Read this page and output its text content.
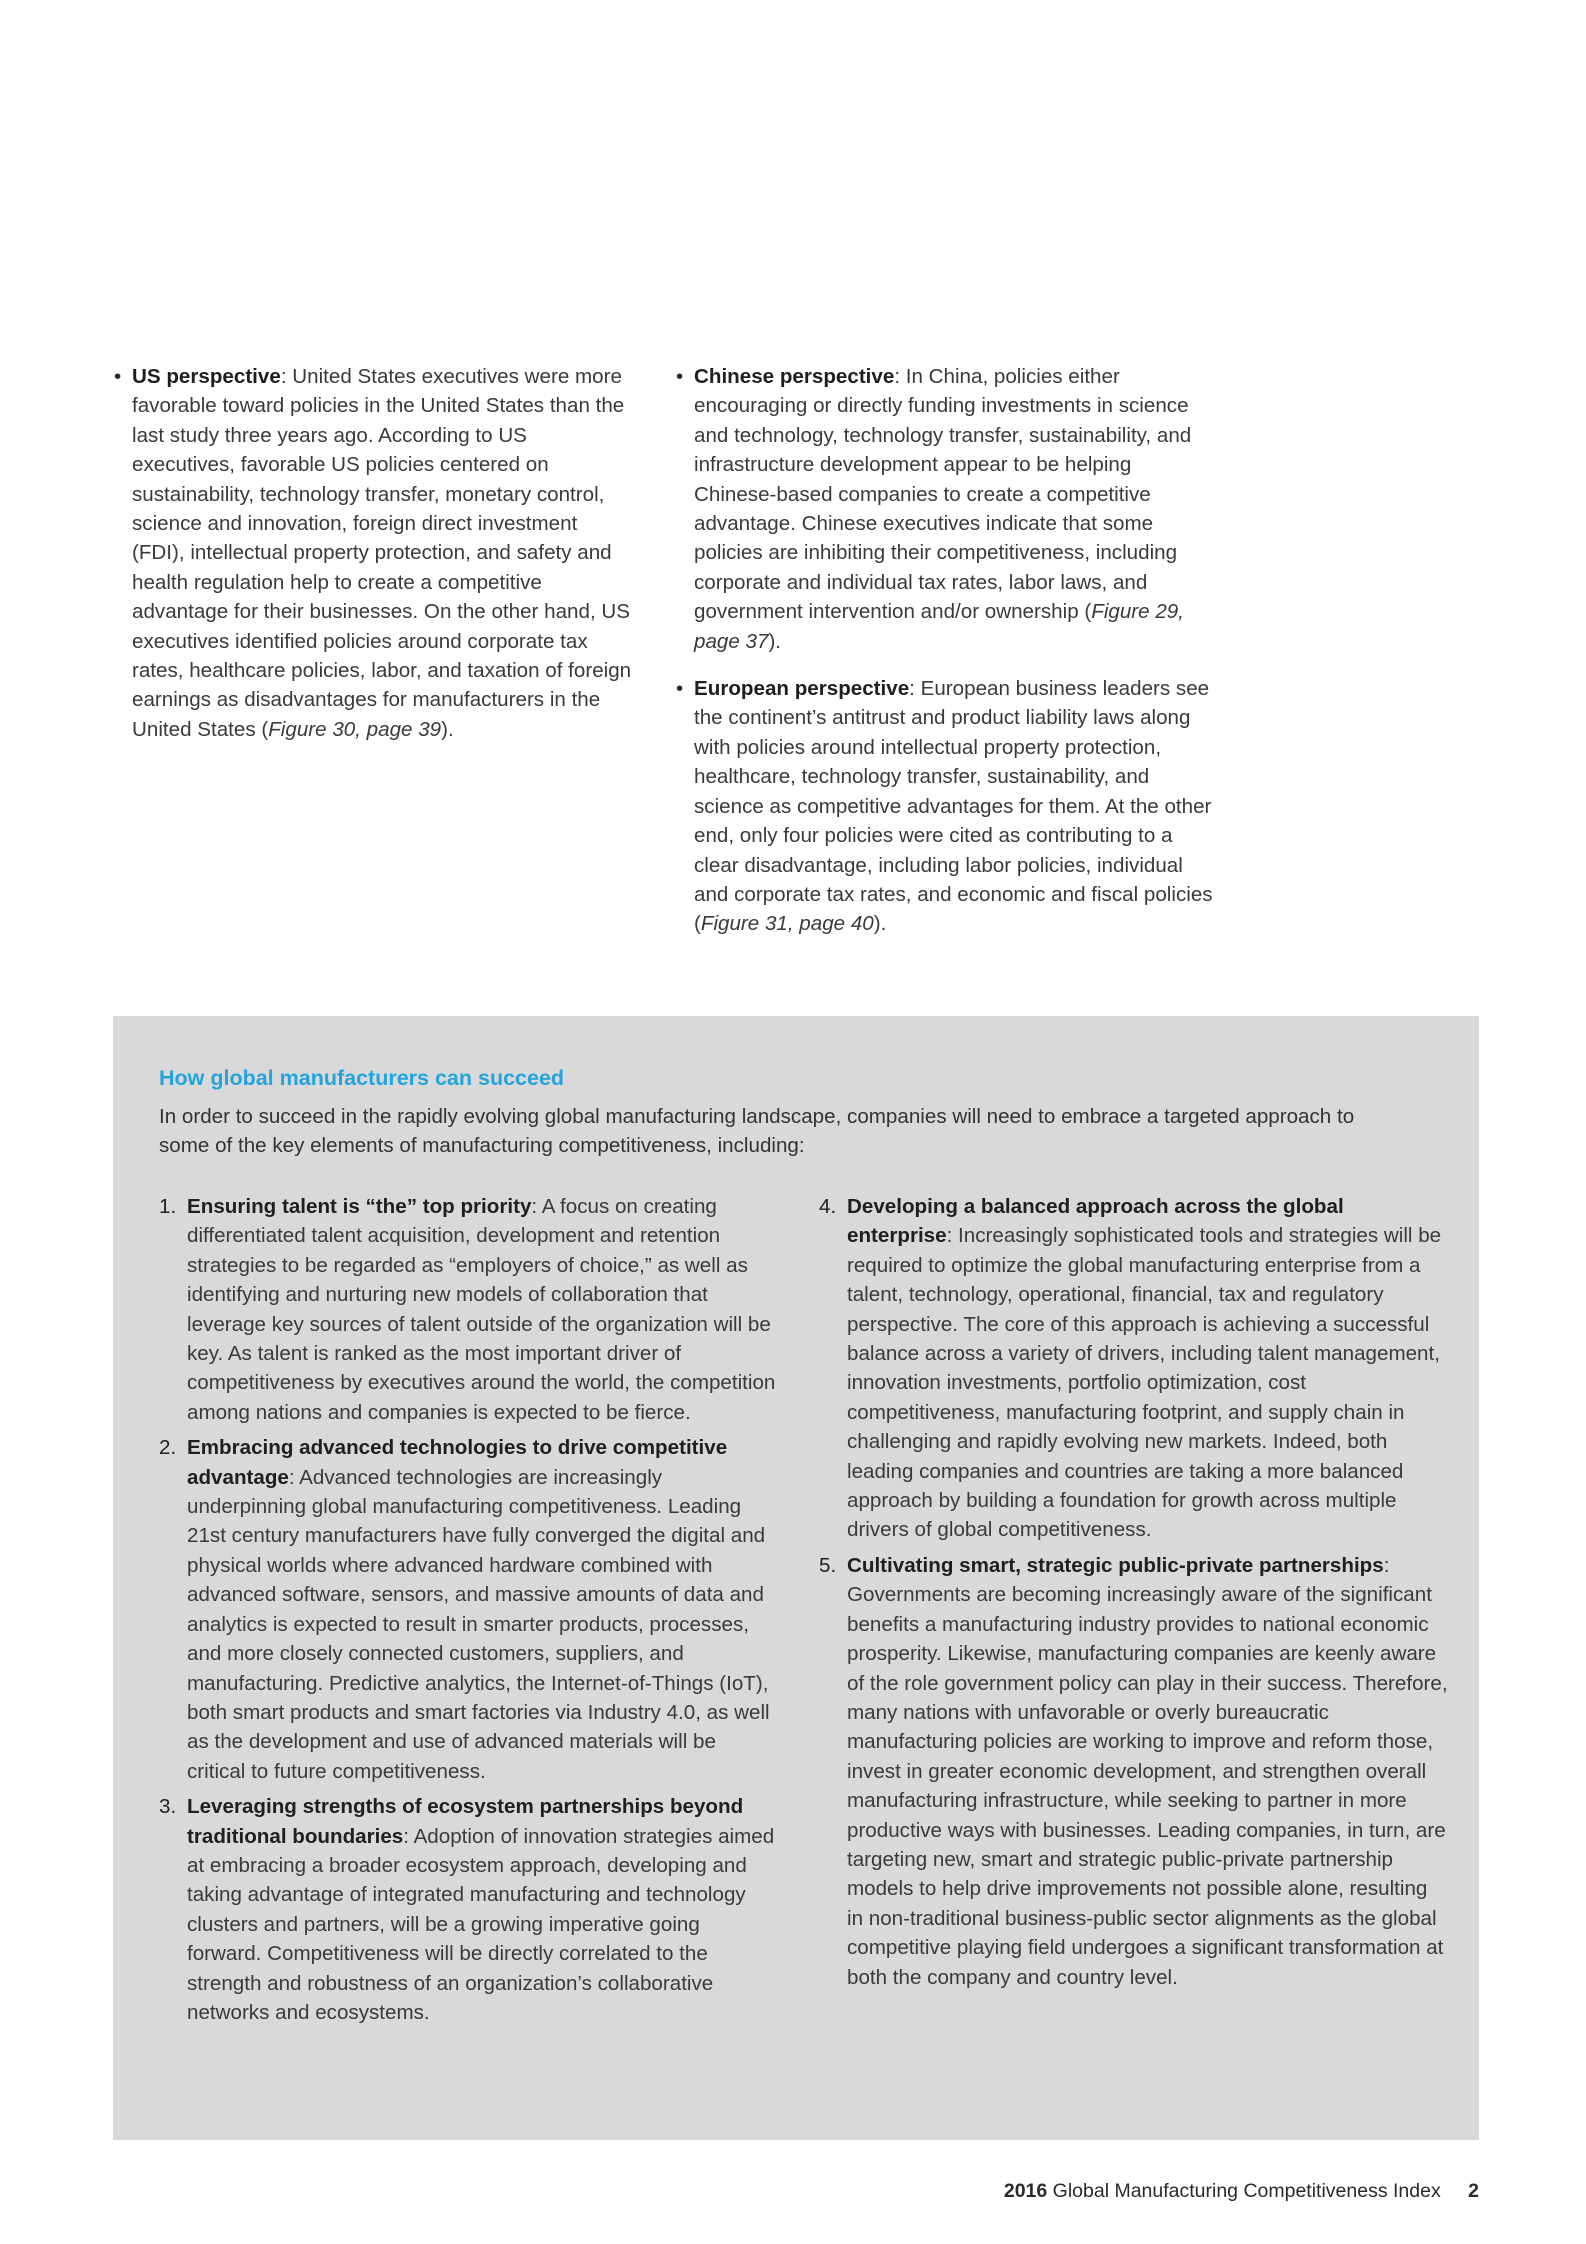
• US perspective: United States executives were more favorable toward policies in the United States than the last study three years ago. According to US executives, favorable US policies centered on sustainability, technology transfer, monetary control, science and innovation, foreign direct investment (FDI), intellectual property protection, and safety and health regulation help to create a competitive advantage for their businesses. On the other hand, US executives identified policies around corporate tax rates, healthcare policies, labor, and taxation of foreign earnings as disadvantages for manufacturers in the United States (Figure 30, page 39).

• Chinese perspective: In China, policies either encouraging or directly funding investments in science and technology, technology transfer, sustainability, and infrastructure development appear to be helping Chinese-based companies to create a competitive advantage. Chinese executives indicate that some policies are inhibiting their competitiveness, including corporate and individual tax rates, labor laws, and government intervention and/or ownership (Figure 29, page 37).

• European perspective: European business leaders see the continent’s antitrust and product liability laws along with policies around intellectual property protection, healthcare, technology transfer, sustainability, and science as competitive advantages for them. At the other end, only four policies were cited as contributing to a clear disadvantage, including labor policies, individual and corporate tax rates, and economic and fiscal policies (Figure 31, page 40).

How global manufacturers can succeed
In order to succeed in the rapidly evolving global manufacturing landscape, companies will need to embrace a targeted approach to some of the key elements of manufacturing competitiveness, including:
1. Ensuring talent is “the” top priority: A focus on creating differentiated talent acquisition, development and retention strategies to be regarded as “employers of choice,” as well as identifying and nurturing new models of collaboration that leverage key sources of talent outside of the organization will be key. As talent is ranked as the most important driver of competitiveness by executives around the world, the competition among nations and companies is expected to be fierce.
2. Embracing advanced technologies to drive competitive advantage: Advanced technologies are increasingly underpinning global manufacturing competitiveness. Leading 21st century manufacturers have fully converged the digital and physical worlds where advanced hardware combined with advanced software, sensors, and massive amounts of data and analytics is expected to result in smarter products, processes, and more closely connected customers, suppliers, and manufacturing. Predictive analytics, the Internet-of-Things (IoT), both smart products and smart factories via Industry 4.0, as well as the development and use of advanced materials will be critical to future competitiveness.
3. Leveraging strengths of ecosystem partnerships beyond traditional boundaries: Adoption of innovation strategies aimed at embracing a broader ecosystem approach, developing and taking advantage of integrated manufacturing and technology clusters and partners, will be a growing imperative going forward. Competitiveness will be directly correlated to the strength and robustness of an organization’s collaborative networks and ecosystems.
4. Developing a balanced approach across the global enterprise: Increasingly sophisticated tools and strategies will be required to optimize the global manufacturing enterprise from a talent, technology, operational, financial, tax and regulatory perspective. The core of this approach is achieving a successful balance across a variety of drivers, including talent management, innovation investments, portfolio optimization, cost competitiveness, manufacturing footprint, and supply chain in challenging and rapidly evolving new markets. Indeed, both leading companies and countries are taking a more balanced approach by building a foundation for growth across multiple drivers of global competitiveness.
5. Cultivating smart, strategic public-private partnerships: Governments are becoming increasingly aware of the significant benefits a manufacturing industry provides to national economic prosperity. Likewise, manufacturing companies are keenly aware of the role government policy can play in their success. Therefore, many nations with unfavorable or overly bureaucratic manufacturing policies are working to improve and reform those, invest in greater economic development, and strengthen overall manufacturing infrastructure, while seeking to partner in more productive ways with businesses. Leading companies, in turn, are targeting new, smart and strategic public-private partnership models to help drive improvements not possible alone, resulting in non-traditional business-public sector alignments as the global competitive playing field undergoes a significant transformation at both the company and country level.
2016 Global Manufacturing Competitiveness Index 2
